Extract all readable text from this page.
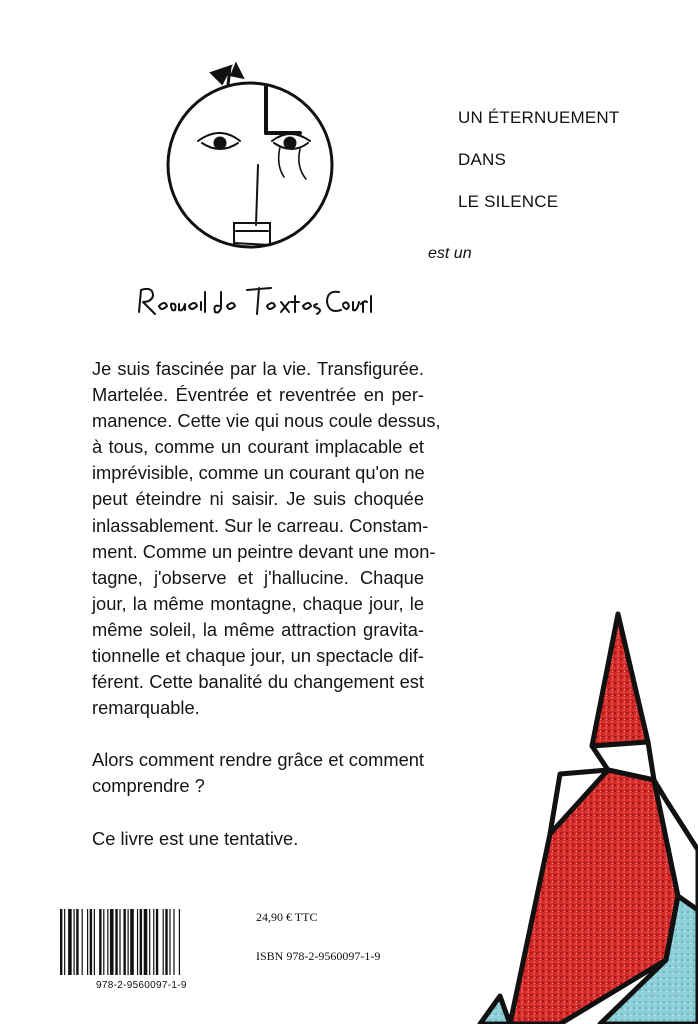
UN ÉTERNUEMENT
DANS
LE SILENCE
est un

Je suis fascinée par la vie. Transfigurée.
Martelée. Éventrée et reventrée en per-
manence. Cette vie qui nous coule dessus,
à tous, comme un courant implacable et
imprévisible, comme un courant qu'on ne
peut éteindre ni saisir. Je suis choquée
inlassablement. Sur le carreau. Constam-
ment. Comme un peintre devant une mon-
tagne, j'observe et j'hallucine. Chaque
jour, la même montagne, chaque jour, le
même soleil, la même attraction gravita-
tionnelle et chaque jour, un spectacle dif-
férent. Cette banalité du changement est
remarquable.

Alors comment rendre grâce et comment
comprendre ?

Ce livre est une tentative.

978-2-9560097-1-9
24,90 € TTC
ISBN 978-2-9560097-1-9
